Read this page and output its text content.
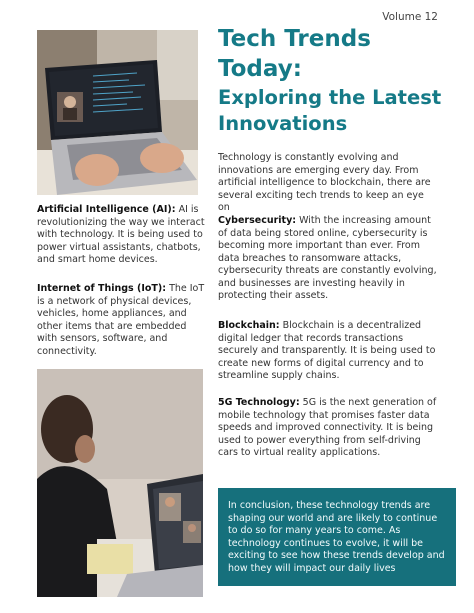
Volume 12
Tech Trends Today:
Exploring the Latest Innovations

Artificial Intelligence (AI): AI is revolutionizing the way we interact with technology. It is being used to power virtual assistants, chatbots, and smart home devices.

Internet of Things (IoT): The IoT is a network of physical devices, vehicles, home appliances, and other items that are embedded with sensors, software, and connectivity.

Technology is constantly evolving and innovations are emerging every day. From artificial intelligence to blockchain, there are several exciting tech trends to keep an eye on

Cybersecurity: With the increasing amount of data being stored online, cybersecurity is becoming more important than ever. From data breaches to ransomware attacks, cybersecurity threats are constantly evolving, and businesses are investing heavily in protecting their assets.

Blockchain: Blockchain is a decentralized digital ledger that records transactions securely and transparently. It is being used to create new forms of digital currency and to streamline supply chains.

5G Technology: 5G is the next generation of mobile technology that promises faster data speeds and improved connectivity. It is being used to power everything from self-driving cars to virtual reality applications.

In conclusion, these technology trends are shaping our world and are likely to continue to do so for many years to come. As technology continues to evolve, it will be exciting to see how these trends develop and how they will impact our daily lives
